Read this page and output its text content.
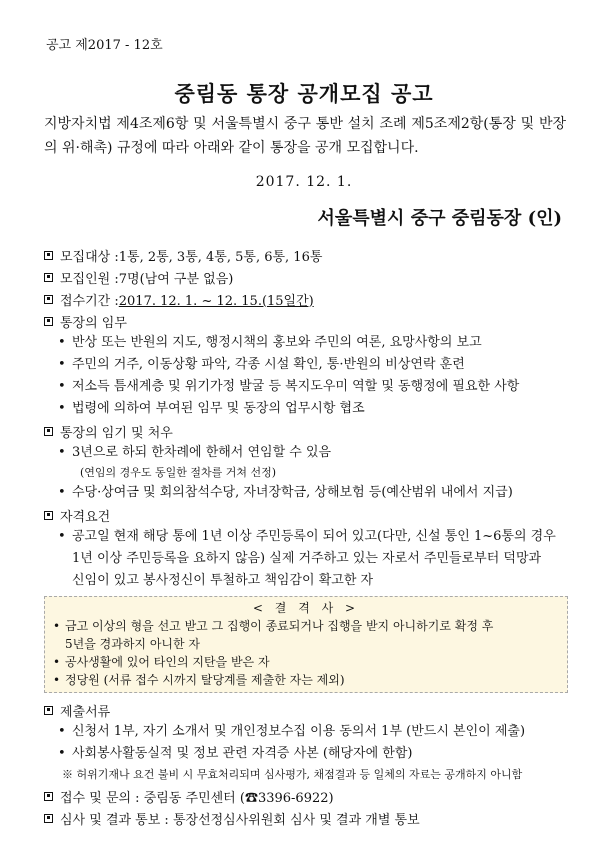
공고 제2017 - 12호
중림동 통장 공개모집 공고
지방자치법 제4조제6항 및 서울특별시 중구 통반 설치 조례 제5조제2항(통장 및 반장의 위·해촉) 규정에 따라 아래와 같이 통장을 공개 모집합니다.
2017. 12. 1.
서울특별시 중구 중림동장 (인)
모집대상 : 1통, 2통, 3통, 4통, 5통, 6통, 16통
모집인원 : 7명(남여 구분 없음)
접수기간 : 2017. 12. 1. ~ 12. 15.(15일간)
통장의 임무
• 반상 또는 반원의 지도, 행정시책의 홍보와 주민의 여론, 요망사항의 보고
• 주민의 거주, 이동상황 파악, 각종 시설 확인, 통·반원의 비상연락 훈련
• 저소득 틈새계층 및 위기가정 발굴 등 복지도우미 역할 및 동행정에 필요한 사항
• 법령에 의하여 부여된 임무 및 동장의 업무시항 협조
통장의 임기 및 처우
• 3년으로 하되 한차례에 한해서 연임할 수 있음
(연임의 경우도 동일한 절차를 거쳐 선정)
• 수당·상여금 및 회의참석수당, 자녀장학금, 상해보험 등(예산범위 내에서 지급)
자격요건
• 공고일 현재 해당 통에 1년 이상 주민등록이 되어 있고(다만, 신설 통인 1~6통의 경우
1년 이상 주민등록을 요하지 않음) 실제 거주하고 있는 자로서 주민들로부터 덕망과
신임이 있고 봉사정신이 투철하고 책임감이 확고한 자
< 결 격 사 >
• 금고 이상의 형을 선고 받고 그 집행이 종료되거나 집행을 받지 아니하기로 확정 후
5년을 경과하지 아니한 자
• 공사생활에 있어 타인의 지탄을 받은 자
• 정당원 (서류 접수 시까지 탈당계를 제출한 자는 제외)
제출서류
• 신청서 1부, 자기 소개서 및 개인정보수집 이용 동의서 1부 (반드시 본인이 제출)
• 사회봉사활동실적 및 정보 관련 자격증 사본 (해당자에 한함)
※ 허위기재나 요건 불비 시 무효처리되며 심사평가, 채점결과 등 일체의 자료는 공개하지 아니함
접수 및 문의 : 중림동 주민센터 (☎3396-6922)
심사 및 결과 통보 : 통장선정심사위원회 심사 및 결과 개별 통보
